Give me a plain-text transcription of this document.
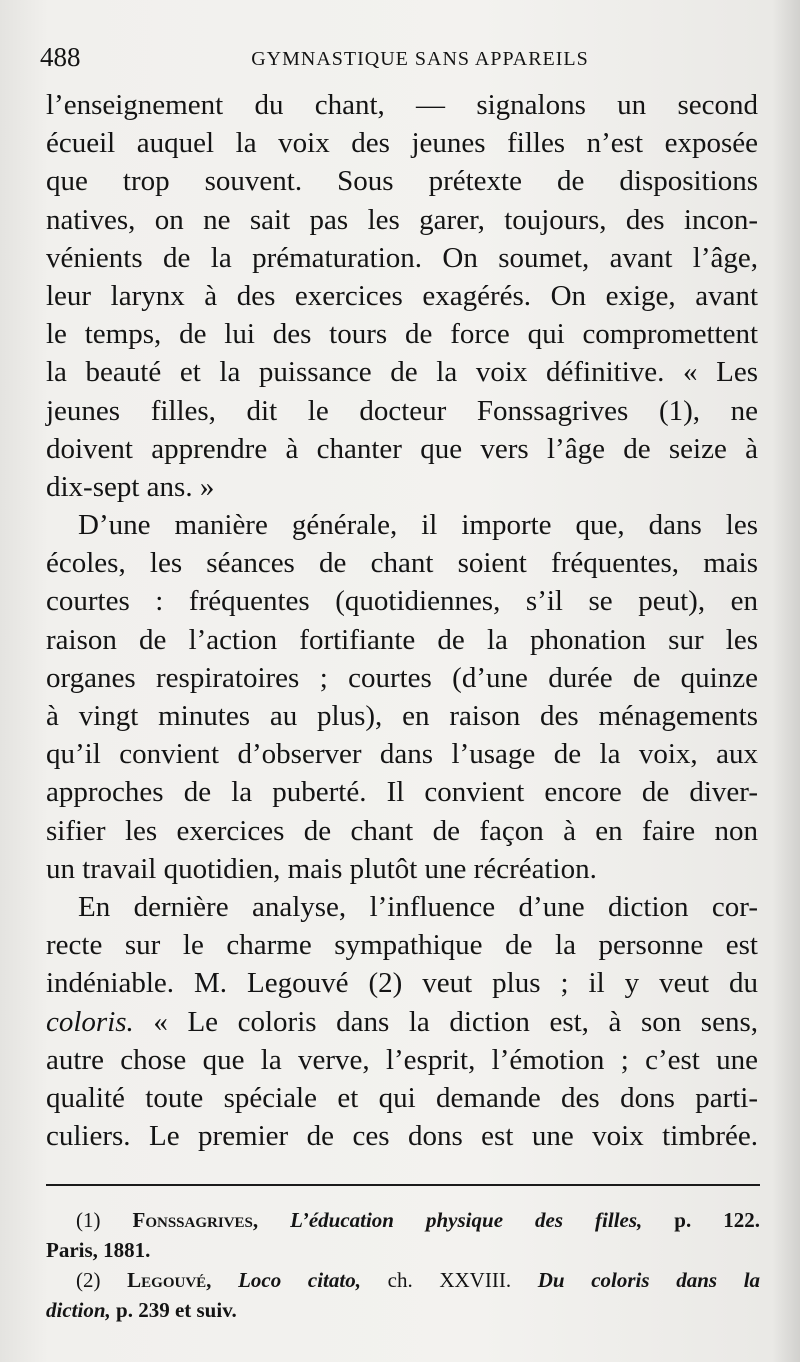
488	GYMNASTIQUE SANS APPAREILS
l’enseignement du chant, — signalons un second
écueil auquel la voix des jeunes filles n’est exposée
que trop souvent. Sous prétexte de dispositions
natives, on ne sait pas les garer, toujours, des incon-
vénients de la prématuration. On soumet, avant l’âge,
leur larynx à des exercices exagérés. On exige, avant
le temps, de lui des tours de force qui compromettent
la beauté et la puissance de la voix définitive. « Les
jeunes filles, dit le docteur Fonssagrives (1), ne
doivent apprendre à chanter que vers l’âge de seize à
dix-sept ans. »
D’une manière générale, il importe que, dans les
écoles, les séances de chant soient fréquentes, mais
courtes : fréquentes (quotidiennes, s’il se peut), en
raison de l’action fortifiante de la phonation sur les
organes respiratoires ; courtes (d’une durée de quinze
à vingt minutes au plus), en raison des ménagements
qu’il convient d’observer dans l’usage de la voix, aux
approches de la puberté. Il convient encore de diver-
sifier les exercices de chant de façon à en faire non
un travail quotidien, mais plutôt une récréation.
En dernière analyse, l’influence d’une diction cor-
recte sur le charme sympathique de la personne est
indéniable. M. Legouvé (2) veut plus ; il y veut du
coloris. « Le coloris dans la diction est, à son sens,
autre chose que la verve, l’esprit, l’émotion ; c’est une
qualité toute spéciale et qui demande des dons parti-
culiers. Le premier de ces dons est une voix timbrée.
(1) Fonssagrives, L’éducation physique des filles, p. 122.
Paris, 1881.
(2) Legouvé, Loco citato, ch. XXVIII. Du coloris dans la
diction, p. 239 et suiv.
